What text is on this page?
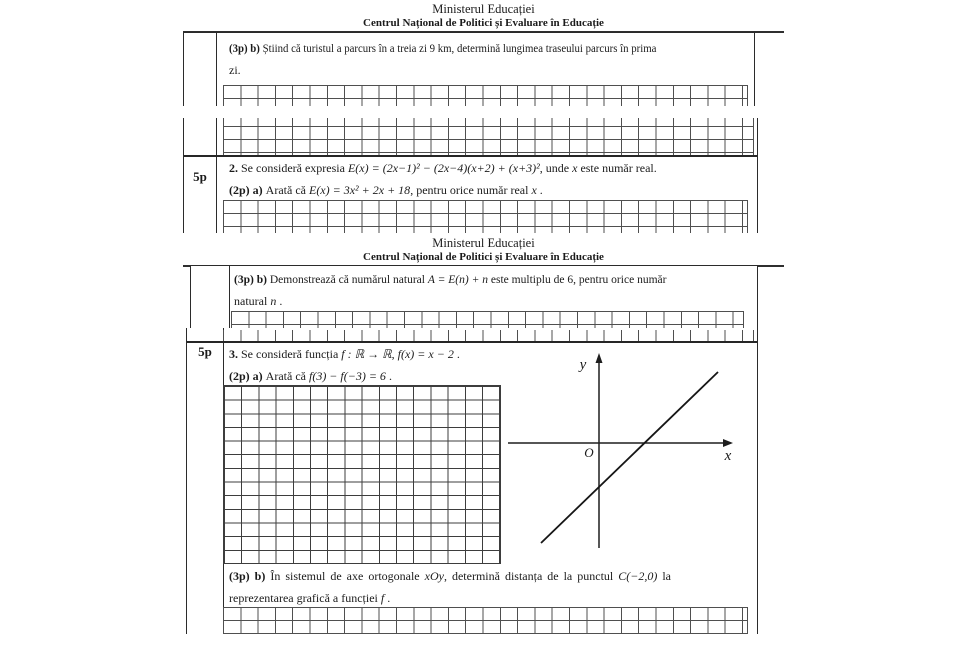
Ministerul Educației
Centrul Național de Politici și Evaluare în Educație
(3p) b) Știind că turistul a parcurs în a treia zi 9 km, determină lungimea traseului parcurs în prima
zi.
5p
2. Se consideră expresia E(x) = (2x−1)² − (2x−4)(x+2) + (x+3)², unde x este număr real.
(2p) a) Arată că E(x) = 3x² + 2x + 18, pentru orice număr real x .
Ministerul Educației
Centrul Național de Politici și Evaluare în Educație
(3p) b) Demonstrează că numărul natural A = E(n) + n este multiplu de 6, pentru orice număr
natural n .
5p	3. Se consideră funcția f : ℝ → ℝ, f(x) = x − 2 .
(2p) a) Arată că f(3) − f(−3) = 6 .
y
x
O
(3p) b) În sistemul de axe ortogonale xOy, determină distanța de la punctul C(−2,0) la
reprezentarea grafică a funcției f .
